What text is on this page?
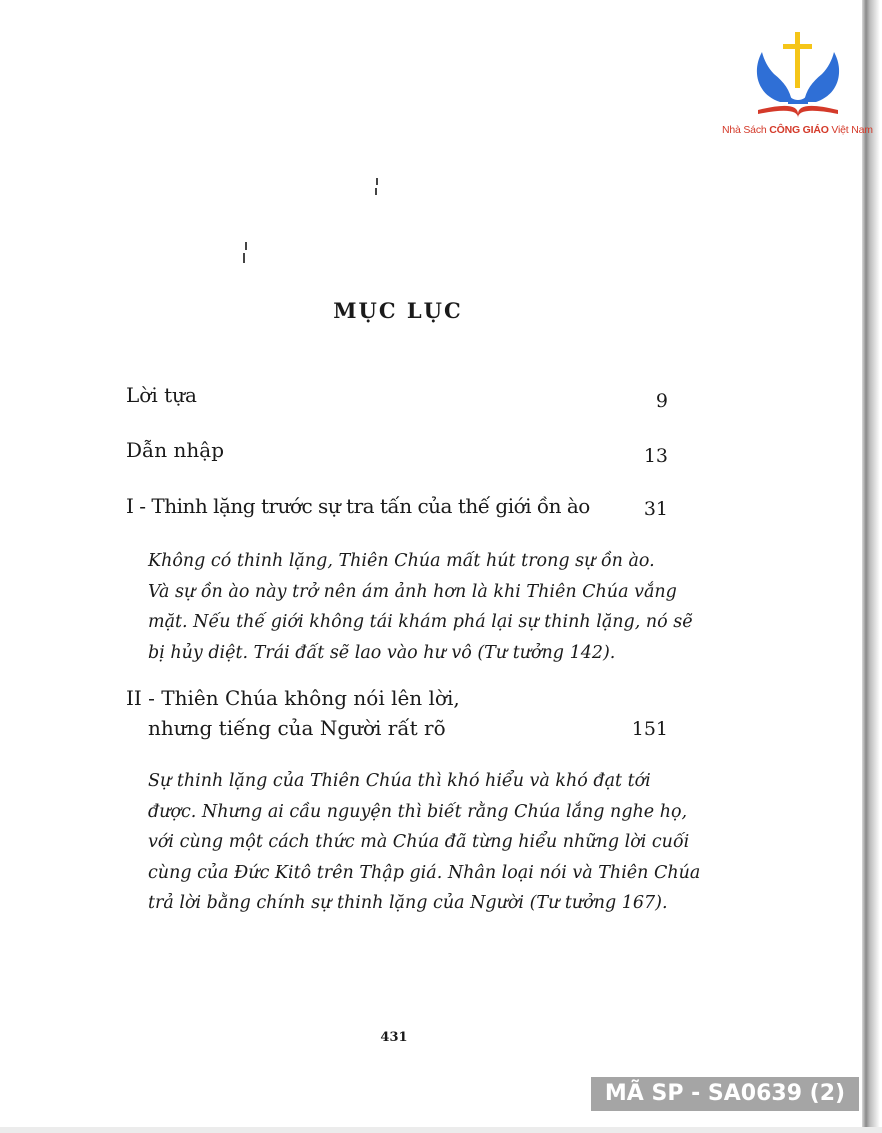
Nhà Sách CÔNG GIÁO Việt Nam
MỤC LỤC
Lời tựa	9
Dẫn nhập	13
I - Thinh lặng trước sự tra tấn của thế giới ồn ào	31
Không có thinh lặng, Thiên Chúa mất hút trong sự ồn ào.
Và sự ồn ào này trở nên ám ảnh hơn là khi Thiên Chúa vắng
mặt. Nếu thế giới không tái khám phá lại sự thinh lặng, nó sẽ
bị hủy diệt. Trái đất sẽ lao vào hư vô (Tư tưởng 142).
II - Thiên Chúa không nói lên lời,
nhưng tiếng của Người rất rõ	151
Sự thinh lặng của Thiên Chúa thì khó hiểu và khó đạt tới
được. Nhưng ai cầu nguyện thì biết rằng Chúa lắng nghe họ,
với cùng một cách thức mà Chúa đã từng hiểu những lời cuối
cùng của Đức Kitô trên Thập giá. Nhân loại nói và Thiên Chúa
trả lời bằng chính sự thinh lặng của Người (Tư tưởng 167).
431
MÃ SP - SA0639 (2)
